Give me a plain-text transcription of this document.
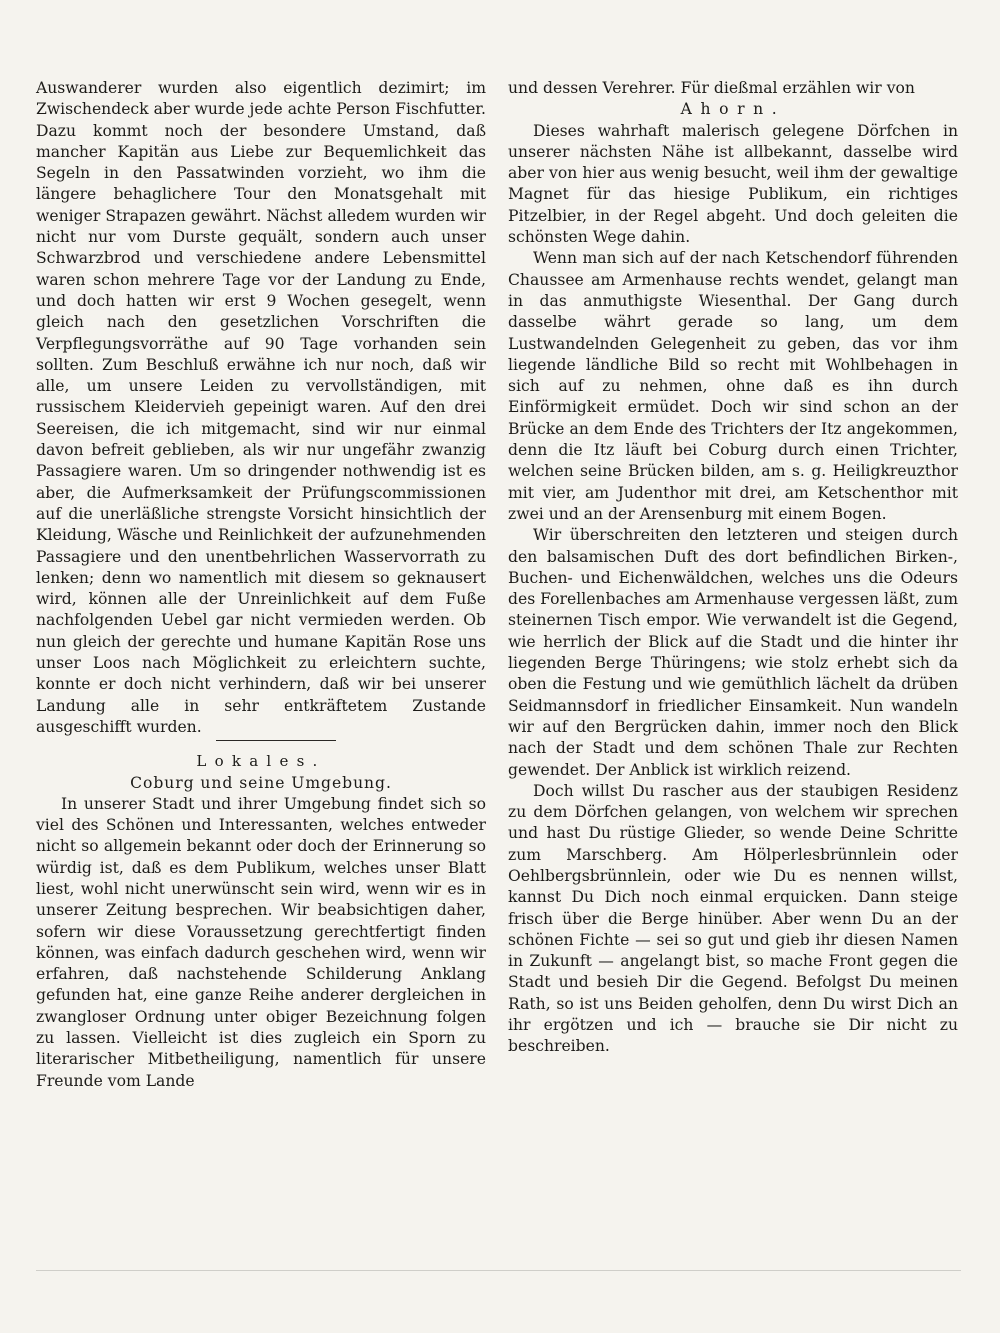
Auswanderer wurden also eigentlich dezimirt; im Zwischendeck aber wurde jede achte Person Fischfutter. Dazu kommt noch der besondere Umstand, daß mancher Kapitän aus Liebe zur Bequemlichkeit das Segeln in den Passatwinden vorzieht, wo ihm die längere behaglichere Tour den Monatsgehalt mit weniger Strapazen gewährt. Nächst alledem wurden wir nicht nur vom Durste gequält, sondern auch unser Schwarzbrod und verschiedene andere Lebensmittel waren schon mehrere Tage vor der Landung zu Ende, und doch hatten wir erst 9 Wochen gesegelt, wenn gleich nach den gesetzlichen Vorschriften die Verpflegungsvorräthe auf 90 Tage vorhanden sein sollten. Zum Beschluß erwähne ich nur noch, daß wir alle, um unsere Leiden zu vervollständigen, mit russischem Kleidervieh gepeinigt waren. Auf den drei Seereisen, die ich mitgemacht, sind wir nur einmal davon befreit geblieben, als wir nur ungefähr zwanzig Passagiere waren. Um so dringender nothwendig ist es aber, die Aufmerksamkeit der Prüfungscommissionen auf die unerläßliche strengste Vorsicht hinsichtlich der Kleidung, Wäsche und Reinlichkeit der aufzunehmenden Passagiere und den unentbehrlichen Wasservorrath zu lenken; denn wo namentlich mit diesem so geknausert wird, können alle der Unreinlichkeit auf dem Fuße nachfolgenden Uebel gar nicht vermieden werden. Ob nun gleich der gerechte und humane Kapitän Rose uns unser Loos nach Möglichkeit zu erleichtern suchte, konnte er doch nicht verhindern, daß wir bei unserer Landung alle in sehr entkräftetem Zustande ausgeschifft wurden.

Lokales.

Coburg und seine Umgebung.

In unserer Stadt und ihrer Umgebung findet sich so viel des Schönen und Interessanten, welches entweder nicht so allgemein bekannt oder doch der Erinnerung so würdig ist, daß es dem Publikum, welches unser Blatt liest, wohl nicht unerwünscht sein wird, wenn wir es in unserer Zeitung besprechen. Wir beabsichtigen daher, sofern wir diese Voraussetzung gerechtfertigt finden können, was einfach dadurch geschehen wird, wenn wir erfahren, daß nachstehende Schilderung Anklang gefunden hat, eine ganze Reihe anderer dergleichen in zwangloser Ordnung unter obiger Bezeichnung folgen zu lassen. Vielleicht ist dies zugleich ein Sporn zu literarischer Mitbetheiligung, namentlich für unsere Freunde vom Lande

und dessen Verehrer. Für dießmal erzählen wir von

Ahorn.

Dieses wahrhaft malerisch gelegene Dörfchen in unserer nächsten Nähe ist allbekannt, dasselbe wird aber von hier aus wenig besucht, weil ihm der gewaltige Magnet für das hiesige Publikum, ein richtiges Pitzelbier, in der Regel abgeht. Und doch geleiten die schönsten Wege dahin.

Wenn man sich auf der nach Ketschendorf führenden Chaussee am Armenhause rechts wendet, gelangt man in das anmuthigste Wiesenthal. Der Gang durch dasselbe währt gerade so lang, um dem Lustwandelnden Gelegenheit zu geben, das vor ihm liegende ländliche Bild so recht mit Wohlbehagen in sich auf zu nehmen, ohne daß es ihn durch Einförmigkeit ermüdet. Doch wir sind schon an der Brücke an dem Ende des Trichters der Itz angekommen, denn die Itz läuft bei Coburg durch einen Trichter, welchen seine Brücken bilden, am s. g. Heiligkreuzthor mit vier, am Judenthor mit drei, am Ketschenthor mit zwei und an der Arensenburg mit einem Bogen.

Wir überschreiten den letzteren und steigen durch den balsamischen Duft des dort befindlichen Birken-, Buchen- und Eichenwäldchen, welches uns die Odeurs des Forellenbaches am Armenhause vergessen läßt, zum steinernen Tisch empor. Wie verwandelt ist die Gegend, wie herrlich der Blick auf die Stadt und die hinter ihr liegenden Berge Thüringens; wie stolz erhebt sich da oben die Festung und wie gemüthlich lächelt da drüben Seidmannsdorf in friedlicher Einsamkeit. Nun wandeln wir auf den Bergrücken dahin, immer noch den Blick nach der Stadt und dem schönen Thale zur Rechten gewendet. Der Anblick ist wirklich reizend.

Doch willst Du rascher aus der staubigen Residenz zu dem Dörfchen gelangen, von welchem wir sprechen und hast Du rüstige Glieder, so wende Deine Schritte zum Marschberg. Am Hölperlesbrünnlein oder Oehlbergsbrünnlein, oder wie Du es nennen willst, kannst Du Dich noch einmal erquicken. Dann steige frisch über die Berge hinüber. Aber wenn Du an der schönen Fichte — sei so gut und gieb ihr diesen Namen in Zukunft — angelangt bist, so mache Front gegen die Stadt und besieh Dir die Gegend. Befolgst Du meinen Rath, so ist uns Beiden geholfen, denn Du wirst Dich an ihr ergötzen und ich — brauche sie Dir nicht zu beschreiben.
